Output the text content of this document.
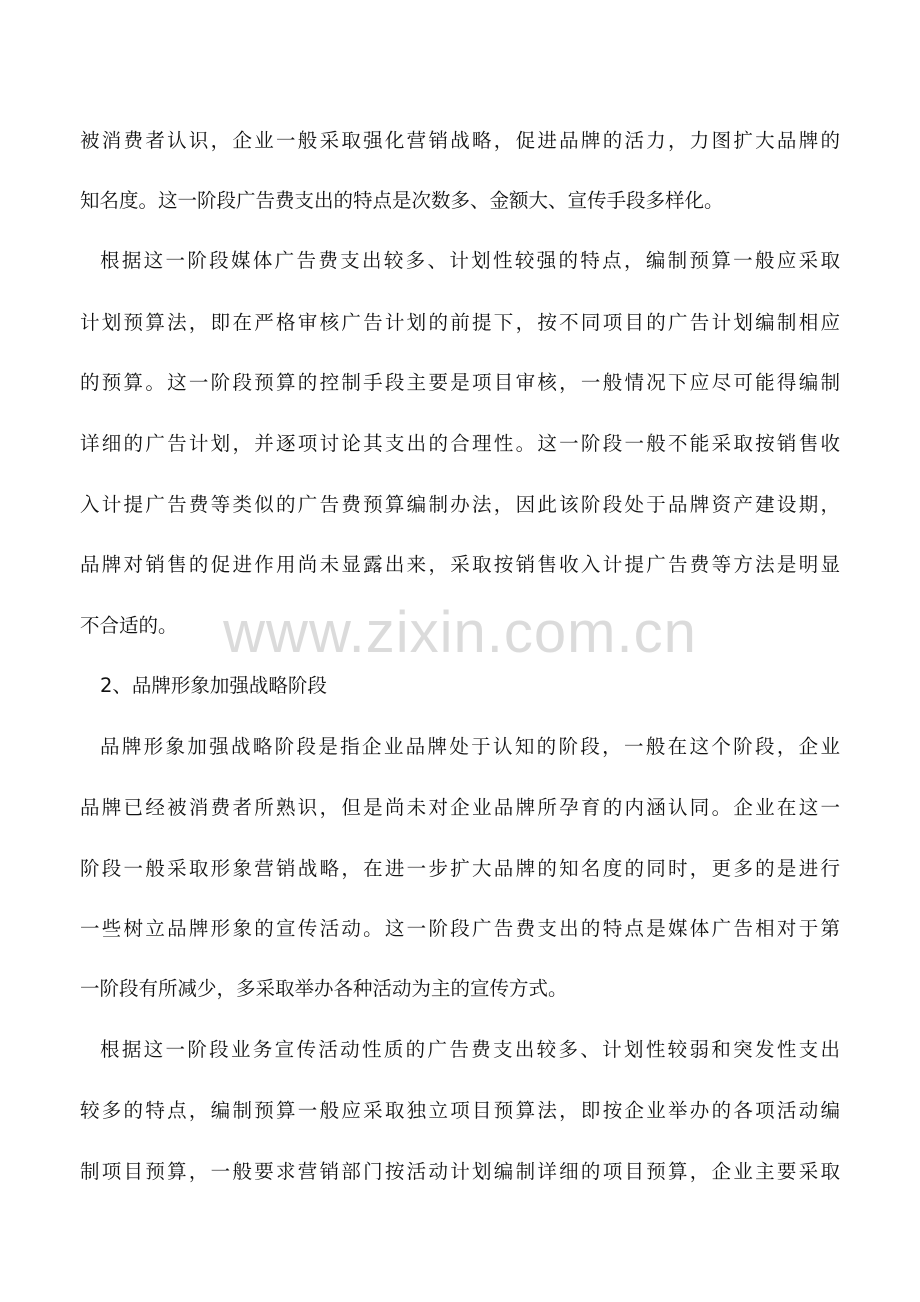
www.zixin.com.cn
被消费者认识，企业一般采取强化营销战略，促进品牌的活力，力图扩大品牌的
知名度。这一阶段广告费支出的特点是次数多、金额大、宣传手段多样化。
根据这一阶段媒体广告费支出较多、计划性较强的特点，编制预算一般应采取
计划预算法，即在严格审核广告计划的前提下，按不同项目的广告计划编制相应
的预算。这一阶段预算的控制手段主要是项目审核，一般情况下应尽可能得编制
详细的广告计划，并逐项讨论其支出的合理性。这一阶段一般不能采取按销售收
入计提广告费等类似的广告费预算编制办法，因此该阶段处于品牌资产建设期，
品牌对销售的促进作用尚未显露出来，采取按销售收入计提广告费等方法是明显
不合适的。
2、品牌形象加强战略阶段
品牌形象加强战略阶段是指企业品牌处于认知的阶段，一般在这个阶段，企业
品牌已经被消费者所熟识，但是尚未对企业品牌所孕育的内涵认同。企业在这一
阶段一般采取形象营销战略，在进一步扩大品牌的知名度的同时，更多的是进行
一些树立品牌形象的宣传活动。这一阶段广告费支出的特点是媒体广告相对于第
一阶段有所减少，多采取举办各种活动为主的宣传方式。
根据这一阶段业务宣传活动性质的广告费支出较多、计划性较弱和突发性支出
较多的特点，编制预算一般应采取独立项目预算法，即按企业举办的各项活动编
制项目预算，一般要求营销部门按活动计划编制详细的项目预算，企业主要采取
